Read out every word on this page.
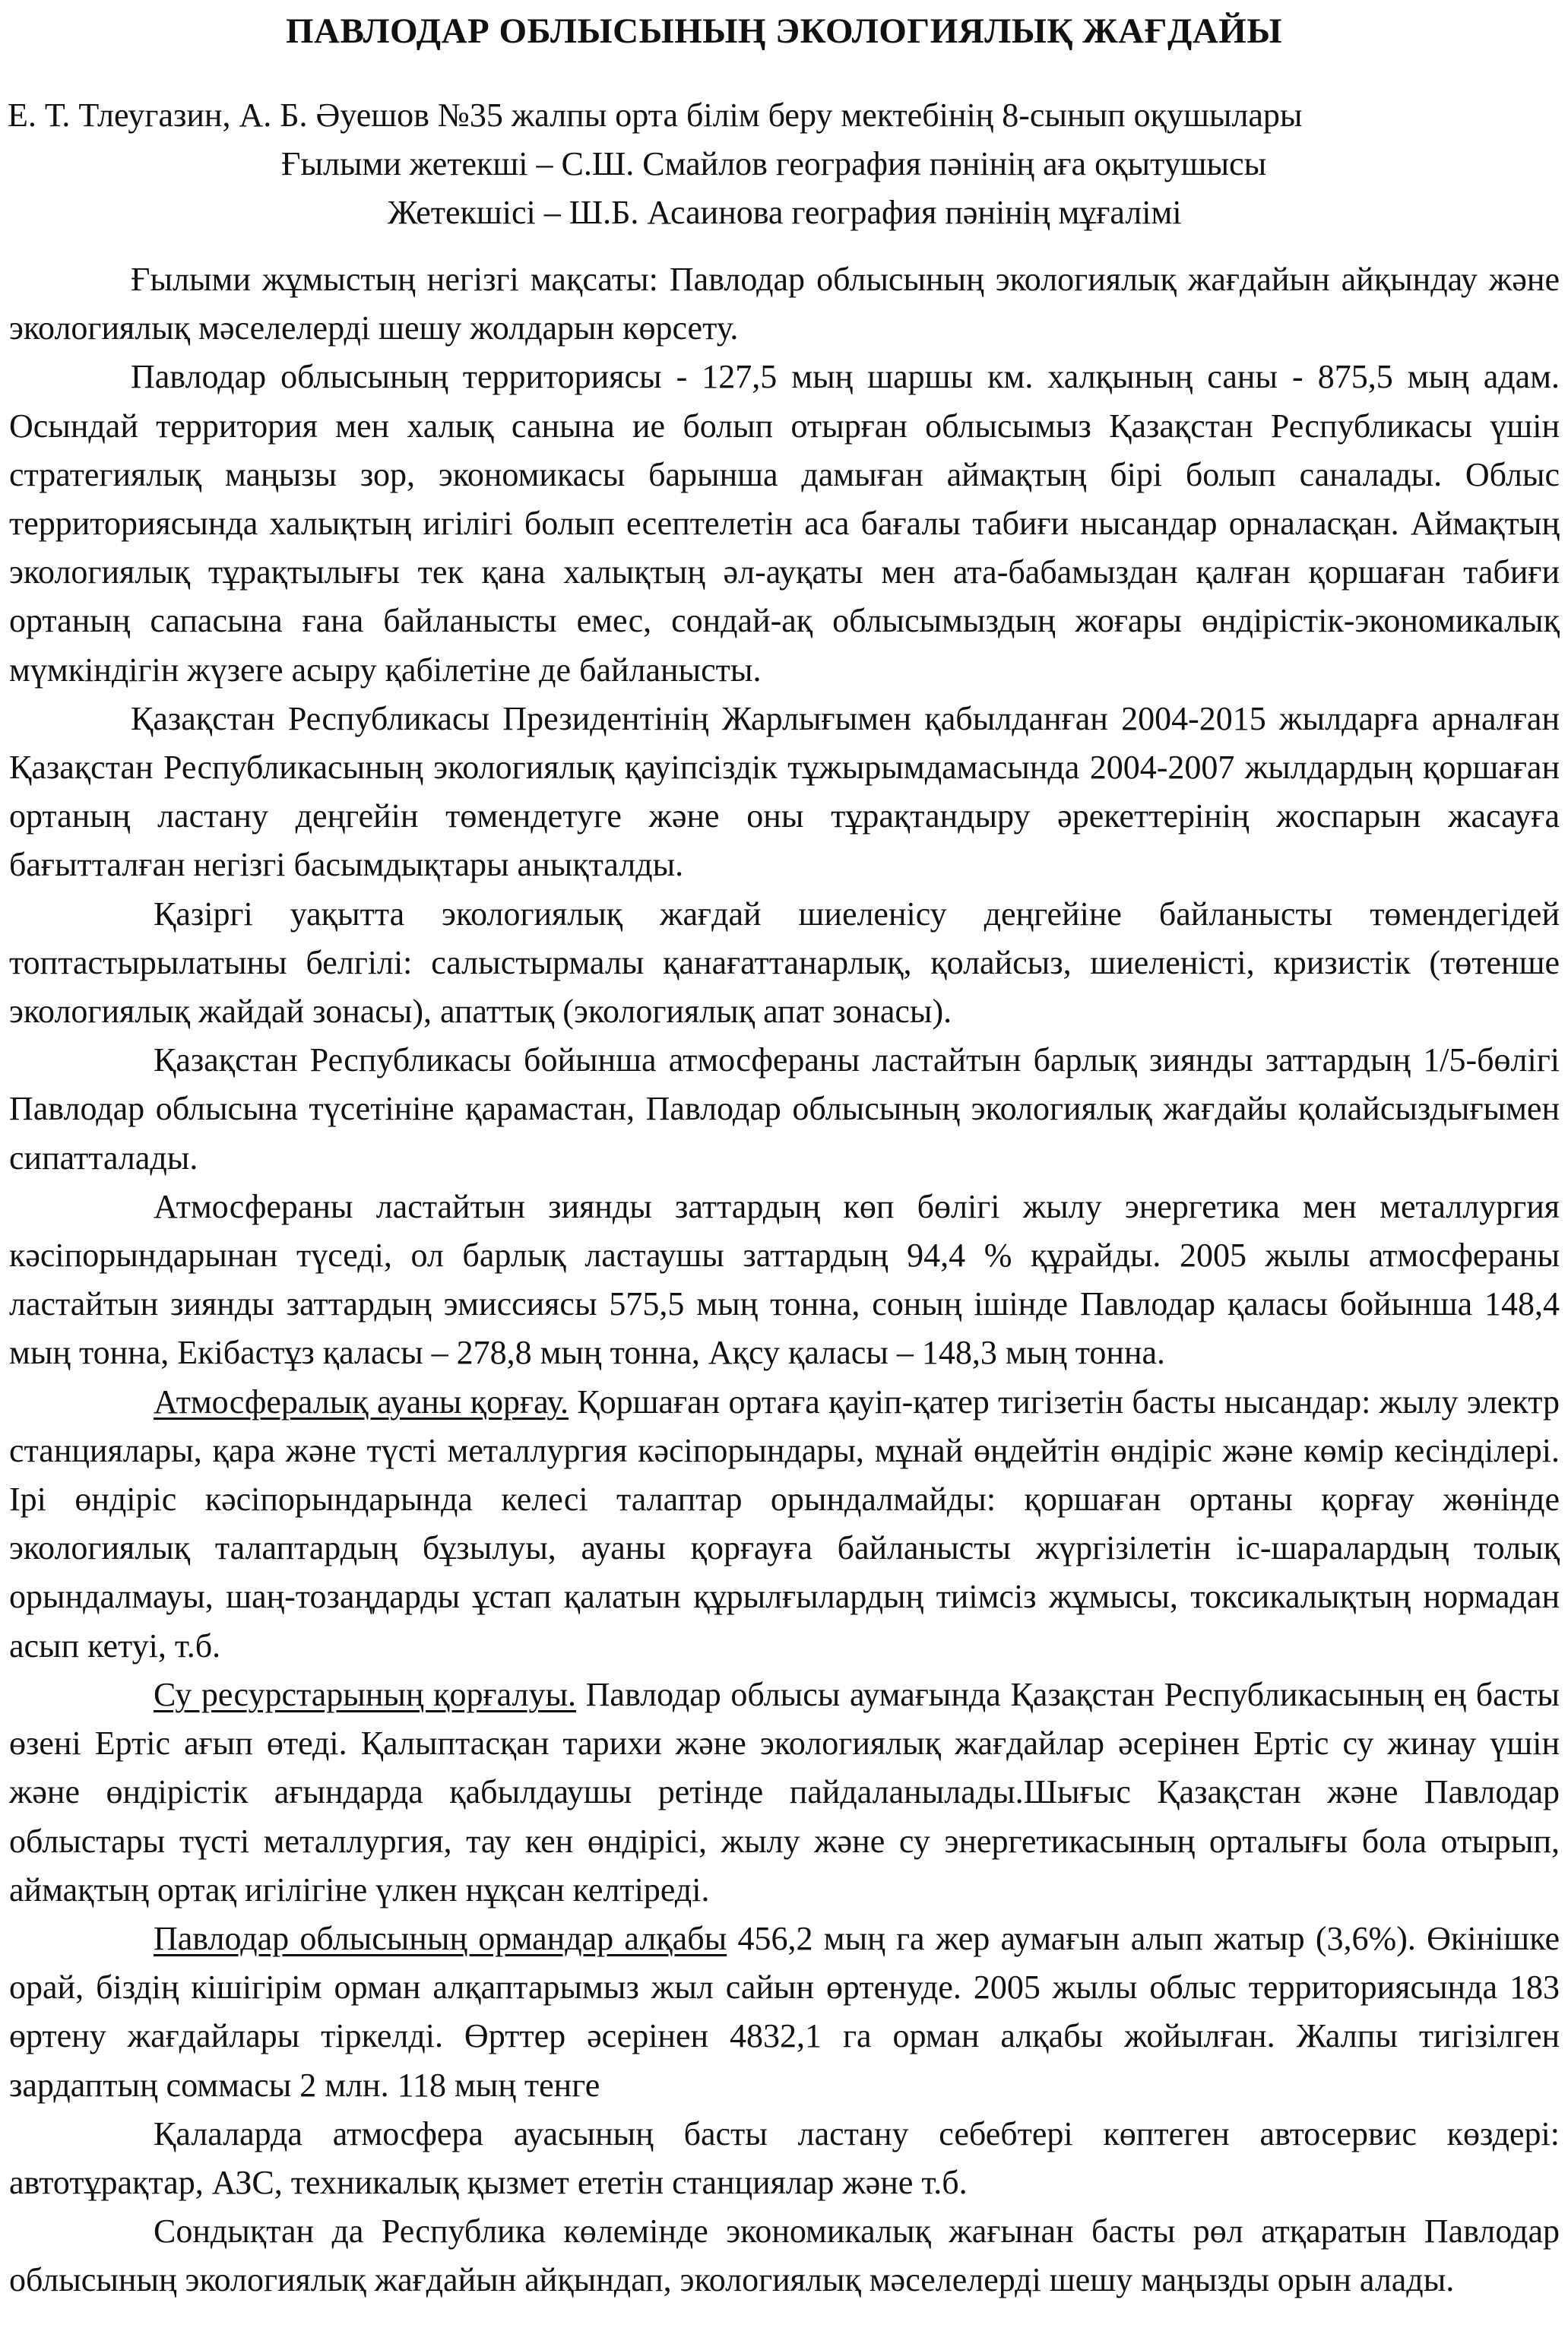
ПАВЛОДАР ОБЛЫСЫНЫҢ ЭКОЛОГИЯЛЫҚ ЖАҒДАЙЫ
Е. Т. Тлеугазин, А. Б. Әуешов №35 жалпы орта білім беру мектебінің 8-сынып оқушылары
Ғылыми жетекші – С.Ш. Смайлов география пәнінің аға оқытушысы
Жетекшісі – Ш.Б. Асаинова география пәнінің мұғалімі

Ғылыми жұмыстың негізгі мақсаты: Павлодар облысының экологиялық жағдайын айқындау және экологиялық мәселелерді шешу жолдарын көрсету.

Павлодар облысының территориясы - 127,5 мың шаршы км. халқының саны - 875,5 мың адам. Осындай территория мен халық санына ие болып отырған облысымыз Қазақстан Республикасы үшін стратегиялық маңызы зор, экономикасы барынша дамыған аймақтың бірі болып саналады. Облыс территориясында халықтың игілігі болып есептелетін аса бағалы табиғи нысандар орналасқан. Аймақтың экологиялық тұрақтылығы тек қана халықтың әл-ауқаты мен ата-бабамыздан қалған қоршаған табиғи ортаның сапасына ғана байланысты емес, сондай-ақ облысымыздың жоғары өндірістік-экономикалық мүмкіндігін жүзеге асыру қабілетіне де байланысты.

Қазақстан Республикасы Президентінің Жарлығымен қабылданған 2004-2015 жылдарға арналған Қазақстан Республикасының экологиялық қауіпсіздік тұжырымдамасында 2004-2007 жылдардың қоршаған ортаның ластану деңгейін төмендетуге және оны тұрақтандыру әрекеттерінің жоспарын жасауға бағытталған негізгі басымдықтары анықталды.

Қазіргі уақытта экологиялық жағдай шиеленісу деңгейіне байланысты төмендегідей топтастырылатыны белгілі: салыстырмалы қанағаттанарлық, қолайсыз, шиеленісті, кризистік (төтенше экологиялық жайдай зонасы), апаттық (экологиялық апат зонасы).

Қазақстан Республикасы бойынша атмосфераны ластайтын барлық зиянды заттардың 1/5-бөлігі Павлодар облысына түсетініне қарамастан, Павлодар облысының экологиялық жағдайы қолайсыздығымен сипатталады.

Атмосфераны ластайтын зиянды заттардың көп бөлігі жылу энергетика мен металлургия кәсіпорындарынан түседі, ол барлық ластаушы заттардың 94,4 % құрайды. 2005 жылы атмосфераны ластайтын зиянды заттардың эмиссиясы 575,5 мың тонна, соның ішінде Павлодар қаласы бойынша 148,4 мың тонна, Екібастұз қаласы – 278,8 мың тонна, Ақсу қаласы – 148,3 мың тонна.

Атмосфералық ауаны қорғау. Қоршаған ортаға қауіп-қатер тигізетін басты нысандар: жылу электр станциялары, қара және түсті металлургия кәсіпорындары, мұнай өңдейтін өндіріс және көмір кесінділері. Ірі өндіріс кәсіпорындарында келесі талаптар орындалмайды: қоршаған ортаны қорғау жөнінде экологиялық талаптардың бұзылуы, ауаны қорғауға байланысты жүргізілетін іс-шаралардың толық орындалмауы, шаң-тозаңдарды ұстап қалатын құрылғылардың тиімсіз жұмысы, токсикалықтың нормадан асып кетуі, т.б.

Су ресурстарының қорғалуы. Павлодар облысы аумағында Қазақстан Республикасының ең басты өзені Ертіс ағып өтеді. Қалыптасқан тарихи және экологиялық жағдайлар әсерінен Ертіс су жинау үшін және өндірістік ағындарда қабылдаушы ретінде пайдаланылады.Шығыс Қазақстан және Павлодар облыстары түсті металлургия, тау кен өндірісі, жылу және су энергетикасының орталығы бола отырып, аймақтың ортақ игілігіне үлкен нұқсан келтіреді.

Павлодар облысының ормандар алқабы 456,2 мың га жер аумағын алып жатыр (3,6%). Өкінішке орай, біздің кішігірім орман алқаптарымыз жыл сайын өртенуде. 2005 жылы облыс территориясында 183 өртену жағдайлары тіркелді. Өрттер әсерінен 4832,1 га орман алқабы жойылған. Жалпы тигізілген зардаптың соммасы 2 млн. 118 мың тенге

Қалаларда атмосфера ауасының басты ластану себебтері көптеген автосервис көздері: автотұрақтар, АЗС, техникалық қызмет ететін станциялар және т.б.

Сондықтан да Республика көлемінде экономикалық жағынан басты рөл атқаратын Павлодар облысының экологиялық жағдайын айқындап, экологиялық мәселелерді шешу маңызды орын алады.
